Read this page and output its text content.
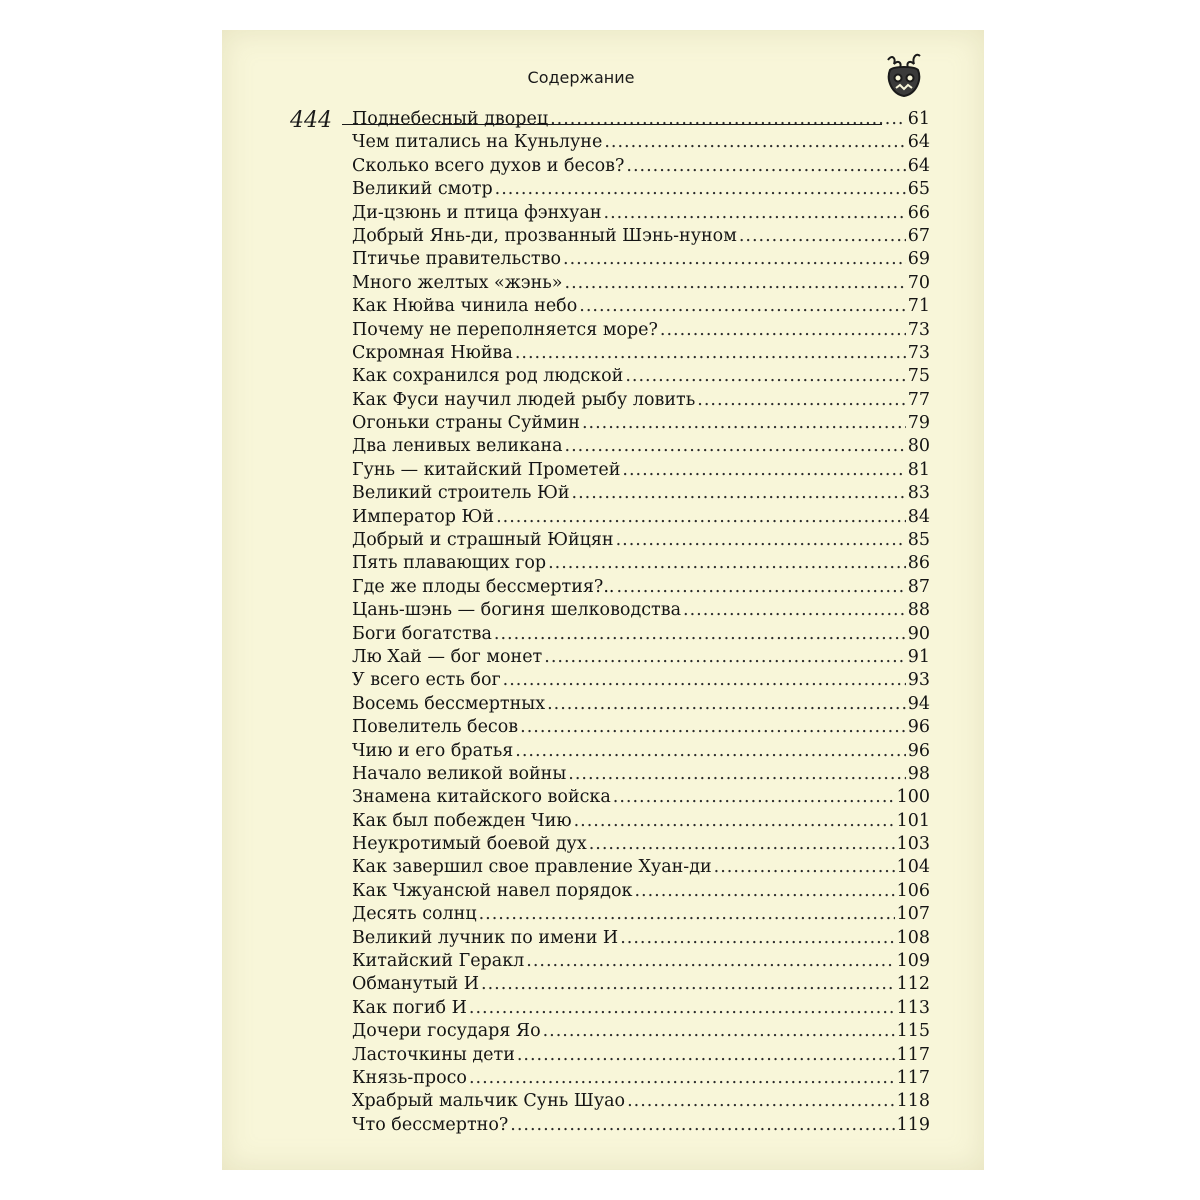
Содержание
444 Поднебесный дворец .....	61
Чем питались на Куньлуне .....	64
Сколько всего духов и бесов? .....	64
Великий смотр .....	65
Ди-цзюнь и птица фэнхуан .....	66
Добрый Янь-ди, прозванный Шэнь-нуном .....	67
Птичье правительство .....	69
Много желтых «жэнь» .....	70
Как Нюйва чинила небо .....	71
Почему не переполняется море? .....	73
Скромная Нюйва .....	73
Как сохранился род людской .....	75
Как Фуси научил людей рыбу ловить .....	77
Огоньки страны Суймин .....	79
Два ленивых великана .....	80
Гунь — китайский Прометей .....	81
Великий строитель Юй .....	83
Император Юй .....	84
Добрый и страшный Юйцян .....	85
Пять плавающих гор .....	86
Где же плоды бессмертия?.. .....	87
Цань-шэнь — богиня шелководства .....	88
Боги богатства .....	90
Лю Хай — бог монет .....	91
У всего есть бог .....	93
Восемь бессмертных .....	94
Повелитель бесов .....	96
Чию и его братья .....	96
Начало великой войны .....	98
Знамена китайского войска .....	100
Как был побежден Чию .....	101
Неукротимый боевой дух .....	103
Как завершил свое правление Хуан-ди .....	104
Как Чжуансюй навел порядок .....	106
Десять солнц .....	107
Великий лучник по имени И .....	108
Китайский Геракл .....	109
Обманутый И .....	112
Как погиб И .....	113
Дочери государя Яо .....	115
Ласточкины дети .....	117
Князь-просо .....	117
Храбрый мальчик Сунь Шуао .....	118
Что бессмертно? .....	119
